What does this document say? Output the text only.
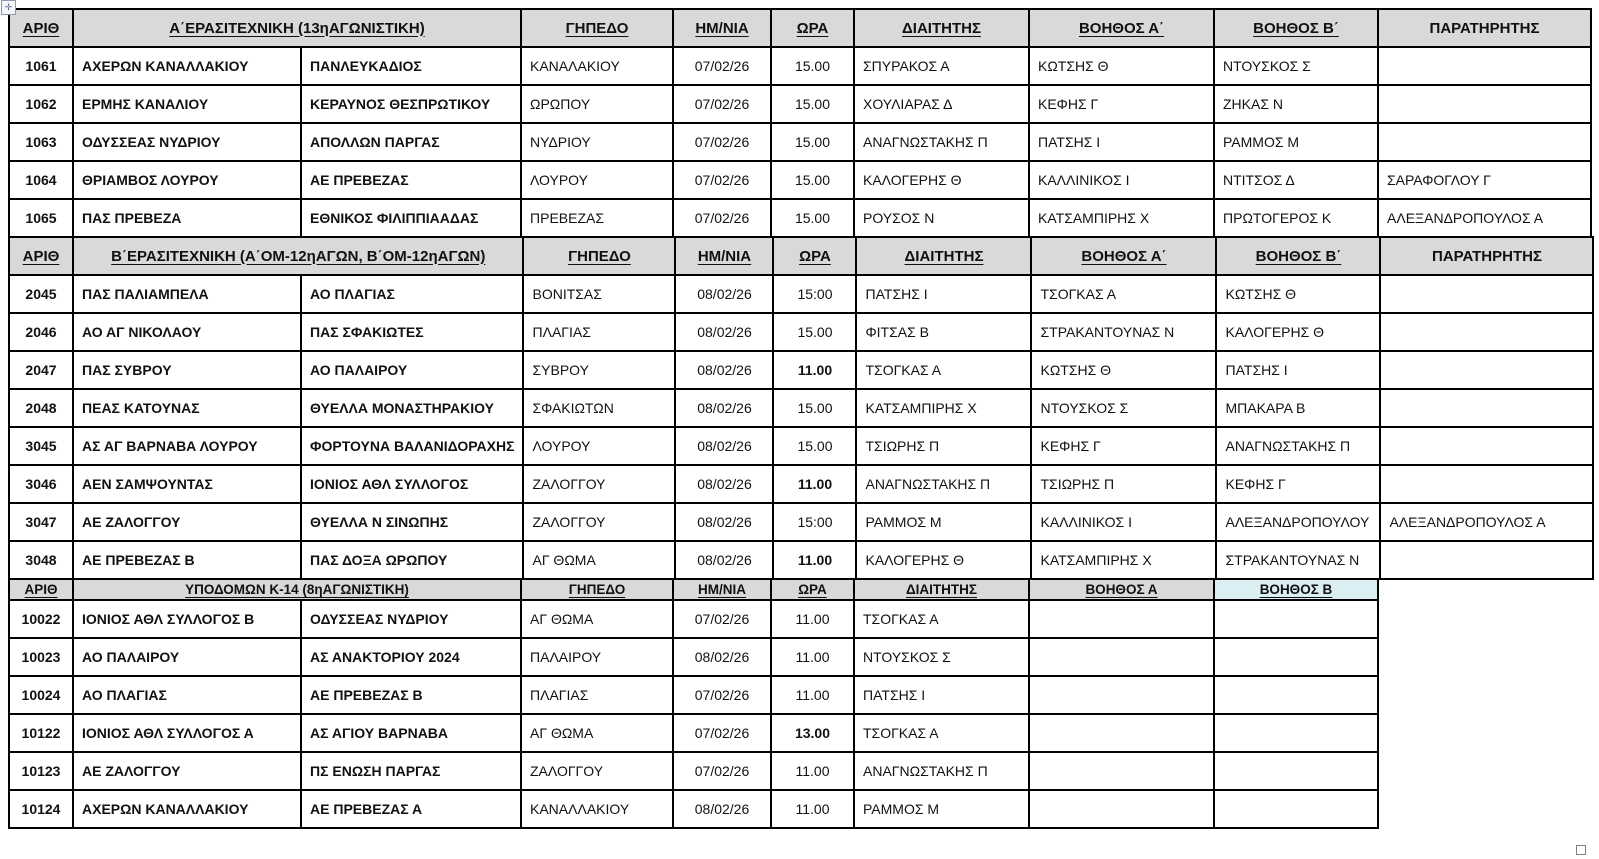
✛
ΑΡΙΘ	Α΄ΕΡΑΣΙΤΕΧΝΙΚΗ (13ηΑΓΩΝΙΣΤΙΚΗ)		ΓΗΠΕΔΟ	ΗΜ/ΝΙΑ	ΩΡΑ	ΔΙΑΙΤΗΤΗΣ	ΒΟΗΘΟΣ Α΄	ΒΟΗΘΟΣ Β΄	ΠΑΡΑΤΗΡΗΤΗΣ
1061	ΑΧΕΡΩΝ ΚΑΝΑΛΛΑΚΙΟΥ	ΠΑΝΛΕΥΚΑΔΙΟΣ	ΚΑΝΑΛΑΚΙΟΥ	07/02/26	15.00	ΣΠΥΡΑΚΟΣ Α	ΚΩΤΣΗΣ Θ	ΝΤΟΥΣΚΟΣ Σ	
1062	ΕΡΜΗΣ ΚΑΝΑΛΙΟΥ	ΚΕΡΑΥΝΟΣ ΘΕΣΠΡΩΤΙΚΟΥ	ΩΡΩΠΟΥ	07/02/26	15.00	ΧΟΥΛΙΑΡΑΣ Δ	ΚΕΦΗΣ Γ	ΖΗΚΑΣ Ν	
1063	ΟΔΥΣΣΕΑΣ ΝΥΔΡΙΟΥ	ΑΠΟΛΛΩΝ ΠΑΡΓΑΣ	ΝΥΔΡΙΟΥ	07/02/26	15.00	ΑΝΑΓΝΩΣΤΑΚΗΣ Π	ΠΑΤΣΗΣ Ι	ΡΑΜΜΟΣ Μ	
1064	ΘΡΙΑΜΒΟΣ ΛΟΥΡΟΥ	ΑΕ ΠΡΕΒΕΖΑΣ	ΛΟΥΡΟΥ	07/02/26	15.00	ΚΑΛΟΓΕΡΗΣ Θ	ΚΑΛΛΙΝΙΚΟΣ Ι	ΝΤΙΤΣΟΣ Δ	ΣΑΡΑΦΟΓΛΟΥ Γ
1065	ΠΑΣ ΠΡΕΒΕΖΑ	ΕΘΝΙΚΟΣ ΦΙΛΙΠΠΙΑΑΔΑΣ	ΠΡΕΒΕΖΑΣ	07/02/26	15.00	ΡΟΥΣΟΣ Ν	ΚΑΤΣΑΜΠΙΡΗΣ Χ	ΠΡΩΤΟΓΕΡΟΣ Κ	ΑΛΕΞΑΝΔΡΟΠΟΥΛΟΣ Α
ΑΡΙΘ	Β΄ΕΡΑΣΙΤΕΧΝΙΚΗ (Α΄ΟΜ-12ηΑΓΩΝ, Β΄ΟΜ-12ηΑΓΩΝ)		ΓΗΠΕΔΟ	ΗΜ/ΝΙΑ	ΩΡΑ	ΔΙΑΙΤΗΤΗΣ	ΒΟΗΘΟΣ Α΄	ΒΟΗΘΟΣ Β΄	ΠΑΡΑΤΗΡΗΤΗΣ
2045	ΠΑΣ ΠΑΛΙΑΜΠΕΛΑ	ΑΟ ΠΛΑΓΙΑΣ	ΒΟΝΙΤΣΑΣ	08/02/26	15:00	ΠΑΤΣΗΣ Ι	ΤΣΟΓΚΑΣ Α	ΚΩΤΣΗΣ Θ	
2046	ΑΟ ΑΓ ΝΙΚΟΛΑΟΥ	ΠΑΣ ΣΦΑΚΙΩΤΕΣ	ΠΛΑΓΙΑΣ	08/02/26	15.00	ΦΙΤΣΑΣ Β	ΣΤΡΑΚΑΝΤΟΥΝΑΣ Ν	ΚΑΛΟΓΕΡΗΣ Θ	
2047	ΠΑΣ ΣΥΒΡΟΥ	ΑΟ ΠΑΛΑΙΡΟΥ	ΣΥΒΡΟΥ	08/02/26	11.00	ΤΣΟΓΚΑΣ Α	ΚΩΤΣΗΣ Θ	ΠΑΤΣΗΣ Ι	
2048	ΠΕΑΣ ΚΑΤΟΥΝΑΣ	ΘΥΕΛΛΑ ΜΟΝΑΣΤΗΡΑΚΙΟΥ	ΣΦΑΚΙΩΤΩΝ	08/02/26	15.00	ΚΑΤΣΑΜΠΙΡΗΣ Χ	ΝΤΟΥΣΚΟΣ Σ	ΜΠΑΚΑΡΑ Β	
3045	ΑΣ ΑΓ ΒΑΡΝΑΒΑ ΛΟΥΡΟΥ	ΦΟΡΤΟΥΝΑ ΒΑΛΑΝΙΔΟΡΑΧΗΣ	ΛΟΥΡΟΥ	08/02/26	15.00	ΤΣΙΩΡΗΣ Π	ΚΕΦΗΣ Γ	ΑΝΑΓΝΩΣΤΑΚΗΣ Π	
3046	ΑΕΝ ΣΑΜΨΟΥΝΤΑΣ	ΙΟΝΙΟΣ ΑΘΛ ΣΥΛΛΟΓΟΣ	ΖΑΛΟΓΓΟΥ	08/02/26	11.00	ΑΝΑΓΝΩΣΤΑΚΗΣ Π	ΤΣΙΩΡΗΣ Π	ΚΕΦΗΣ Γ	
3047	ΑΕ ΖΑΛΟΓΓΟΥ	ΘΥΕΛΛΑ Ν ΣΙΝΩΠΗΣ	ΖΑΛΟΓΓΟΥ	08/02/26	15:00	ΡΑΜΜΟΣ Μ	ΚΑΛΛΙΝΙΚΟΣ Ι	ΑΛΕΞΑΝΔΡΟΠΟΥΛΟΥ	ΑΛΕΞΑΝΔΡΟΠΟΥΛΟΣ Α
3048	ΑΕ ΠΡΕΒΕΖΑΣ Β	ΠΑΣ ΔΟΞΑ ΩΡΩΠΟΥ	ΑΓ ΘΩΜΑ	08/02/26	11.00	ΚΑΛΟΓΕΡΗΣ Θ	ΚΑΤΣΑΜΠΙΡΗΣ Χ	ΣΤΡΑΚΑΝΤΟΥΝΑΣ Ν	
ΑΡΙΘ	ΥΠΟΔΟΜΩΝ Κ-14 (8ηΑΓΩΝΙΣΤΙΚΗ)		ΓΗΠΕΔΟ	ΗΜ/ΝΙΑ	ΩΡΑ	ΔΙΑΙΤΗΤΗΣ	ΒΟΗΘΟΣ Α	ΒΟΗΘΟΣ Β
10022	ΙΟΝΙΟΣ ΑΘΛ ΣΥΛΛΟΓΟΣ Β	ΟΔΥΣΣΕΑΣ ΝΥΔΡΙΟΥ	ΑΓ ΘΩΜΑ	07/02/26	11.00	ΤΣΟΓΚΑΣ Α		
10023	ΑΟ ΠΑΛΑΙΡΟΥ	ΑΣ ΑΝΑΚΤΟΡΙΟΥ 2024	ΠΑΛΑΙΡΟΥ	08/02/26	11.00	ΝΤΟΥΣΚΟΣ Σ		
10024	ΑΟ ΠΛΑΓΙΑΣ	ΑΕ ΠΡΕΒΕΖΑΣ Β	ΠΛΑΓΙΑΣ	07/02/26	11.00	ΠΑΤΣΗΣ Ι		
10122	ΙΟΝΙΟΣ ΑΘΛ ΣΥΛΛΟΓΟΣ Α	ΑΣ ΑΓΙΟΥ ΒΑΡΝΑΒΑ	ΑΓ ΘΩΜΑ	07/02/26	13.00	ΤΣΟΓΚΑΣ Α		
10123	ΑΕ ΖΑΛΟΓΓΟΥ	ΠΣ ΕΝΩΣΗ ΠΑΡΓΑΣ	ΖΑΛΟΓΓΟΥ	07/02/26	11.00	ΑΝΑΓΝΩΣΤΑΚΗΣ Π		
10124	ΑΧΕΡΩΝ ΚΑΝΑΛΛΑΚΙΟΥ	ΑΕ ΠΡΕΒΕΖΑΣ Α	ΚΑΝΑΛΛΑΚΙΟΥ	08/02/26	11.00	ΡΑΜΜΟΣ Μ		
